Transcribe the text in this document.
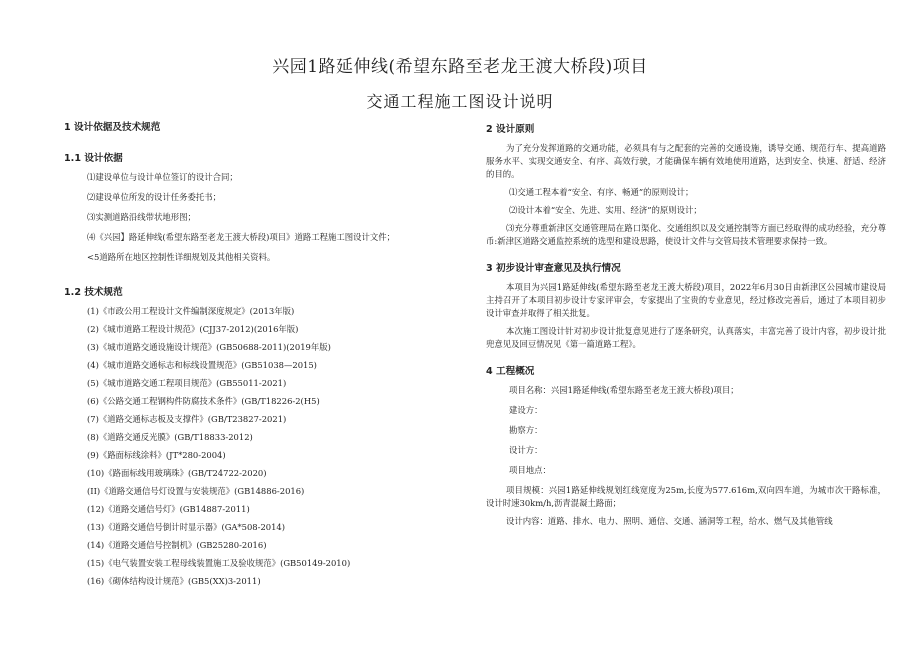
兴园1路延伸线(希望东路至老龙王渡大桥段)项目
交通工程施工图设计说明
1 设计依据及技术规范
1.1 设计依据

⑴建设单位与设计单位签订的设计合同；

⑵建设单位所发的设计任务委托书；

⑶实测道路沿线带状地形图；

⑷《兴园】路延伸线(希望东路至老龙王渡大桥段)项目》道路工程施工图设计文件；

<5道路所在地区控制性详细规划及其他相关资料。

1.2 技术规范

(1)《市政公用工程设计文件编制深度规定》(2013年版)

(2)《城市道路工程设计规范》(CJJ37-2012)(2016年版)

(3)《城市道路交通设施设计规范》(GB50688-2011)(2019年版)

(4)《城市道路交通标志和标线设置规范》(GB51038—2015)

(5)《城市道路交通工程项目规范》(GB55011-2021)

(6)《公路交通工程钢构件防腐技术条件》(GB/T18226-2(H5)

(7)《道路交通标志板及支撑件》(GB/T23827-2021)

(8)《道路交通反光膜》(GB/T18833-2012)

(9)《路面标线涂料》(JT*280-2004)

(10)《路面标线用玻璃珠》(GB/T24722-2020)

(II)《道路交通信号灯设置与安装规范》(GB14886-2016)

(12)《道路交通信号灯》(GB14887-2011)

(13)《道路交通信号倒计时显示器》(GA*508-2014)

(14)《道路交通信号控制机》(GB25280-2016)

(15)《电气装置安装工程母线装置施工及验收规范》(GB50149-2010)

(16)《砌体结构设计规范》(GB5(XX)3-2011)

2 设计原则

为了充分发挥道路的交通功能，必须具有与之配套的完善的交通设施，诱导交通、规范行车、提高道路服务水平、实现交通安全、有序、高效行驶，才能确保车辆有效地使用道路，达到安全、快速、舒适、经济的目的。

⑴交通工程本着“安全、有序、畅通”的原则设计；

⑵设计本着“安全、先进、实用、经济”的原则设计；

⑶充分尊重新津区交通管理局在路口渠化、交通组织以及交通控制等方面已经取得的成功经验，充分尊币:新津区道路交通监控系统的选型和建设思路，使设计文件与交管局技术管理要求保持一致。

3 初步设计审查意见及执行情况

本项目为兴园1路延伸线(希望东路至老龙王渡大桥段)项目，2022年6月30日由新津区公园城市建设局主持召开了本项目初步设计专家评审会，专家提出了宝贵的专业意见，经过修改完善后，通过了本项目初步设计审查并取得了相关批复。

本次施工图设计针对初步设计批复意见进行了逐条研究，认真落实，丰富完善了设计内容，初步设计批兜意见及回豆情况见《第一篇道路工程》。

4 工程概况

项目名称：兴园1路延伸线(希望东路至老龙王渡大桥段)项目；

建设方：

勘察方：

设计方：

项目地点：

项目规模：兴园1路延伸线规划红线宽度为25m,长度为577.616m,双向四车道，为城市次干路标准，设计时速30km/h,沥青混凝土路面；

设计内容：道路、排水、电力、照明、通信、交通、涵洞等工程，给水、燃气及其他管线
